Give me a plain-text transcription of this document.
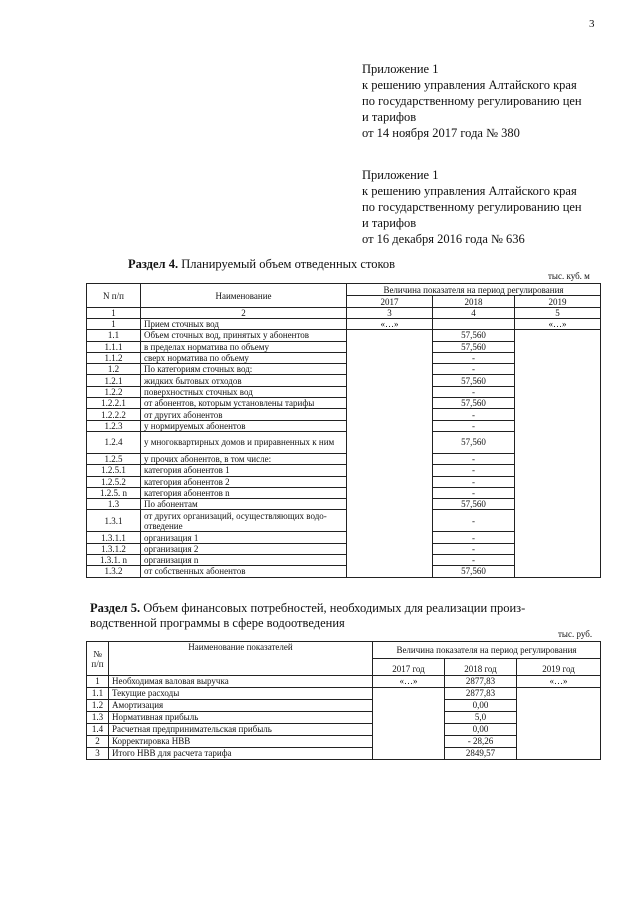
3
Приложение 1
к решению управления Алтайского края
по государственному регулированию цен
и тарифов
от 14 ноября 2017 года № 380
Приложение 1
к решению управления Алтайского края
по государственному регулированию цен
и тарифов
от 16 декабря 2016 года № 636
Раздел 4. Планируемый объем отведенных стоков
тыс. куб. м
N п/п	Наименование	Величина показателя на период регулирования		
		2017	2018	2019
1	2	3	4	5
1	Прием сточных вод	«…»		«…»
1.1	Объем сточных вод, принятых у абонентов		57,560	
1.1.1	в пределах норматива по объему		57,560	
1.1.2	сверх норматива по объему		-	
1.2	По категориям сточных вод:		-	
1.2.1	жидких бытовых отходов		57,560	
1.2.2	поверхностных сточных вод		-	
1.2.2.1	от абонентов, которым установлены тарифы		57,560	
1.2.2.2	от других абонентов		-	
1.2.3	у нормируемых абонентов		-	
1.2.4	у многоквартирных домов и приравненных к ним		57,560	
1.2.5	у прочих абонентов, в том числе:		-	
1.2.5.1	категория абонентов 1		-	
1.2.5.2	категория абонентов 2		-	
1.2.5. n	категория абонентов n		-	
1.3	По абонентам		57,560	
1.3.1	от других организаций, осуществляющих водо-отведение		-	
1.3.1.1	организация 1		-	
1.3.1.2	организация 2		-	
1.3.1. n	организация n		-	
1.3.2	от собственных абонентов		57,560	
Раздел 5. Объем финансовых потребностей, необходимых для реализации произ-
водственной программы в сфере водоотведения
тыс. руб.
№ п/п	Наименование показателей	Величина показателя на период регулирования		
		2017 год	2018 год	2019 год
1	Необходимая валовая выручка	«…»	2877,83	«…»
1.1	Текущие расходы		2877,83	
1.2	Амортизация		0,00	
1.3	Нормативная прибыль		5,0	
1.4	Расчетная предпринимательская прибыль		0,00	
2	Корректировка НВВ		- 28,26	
3	Итого НВВ для расчета тарифа		2849,57	
